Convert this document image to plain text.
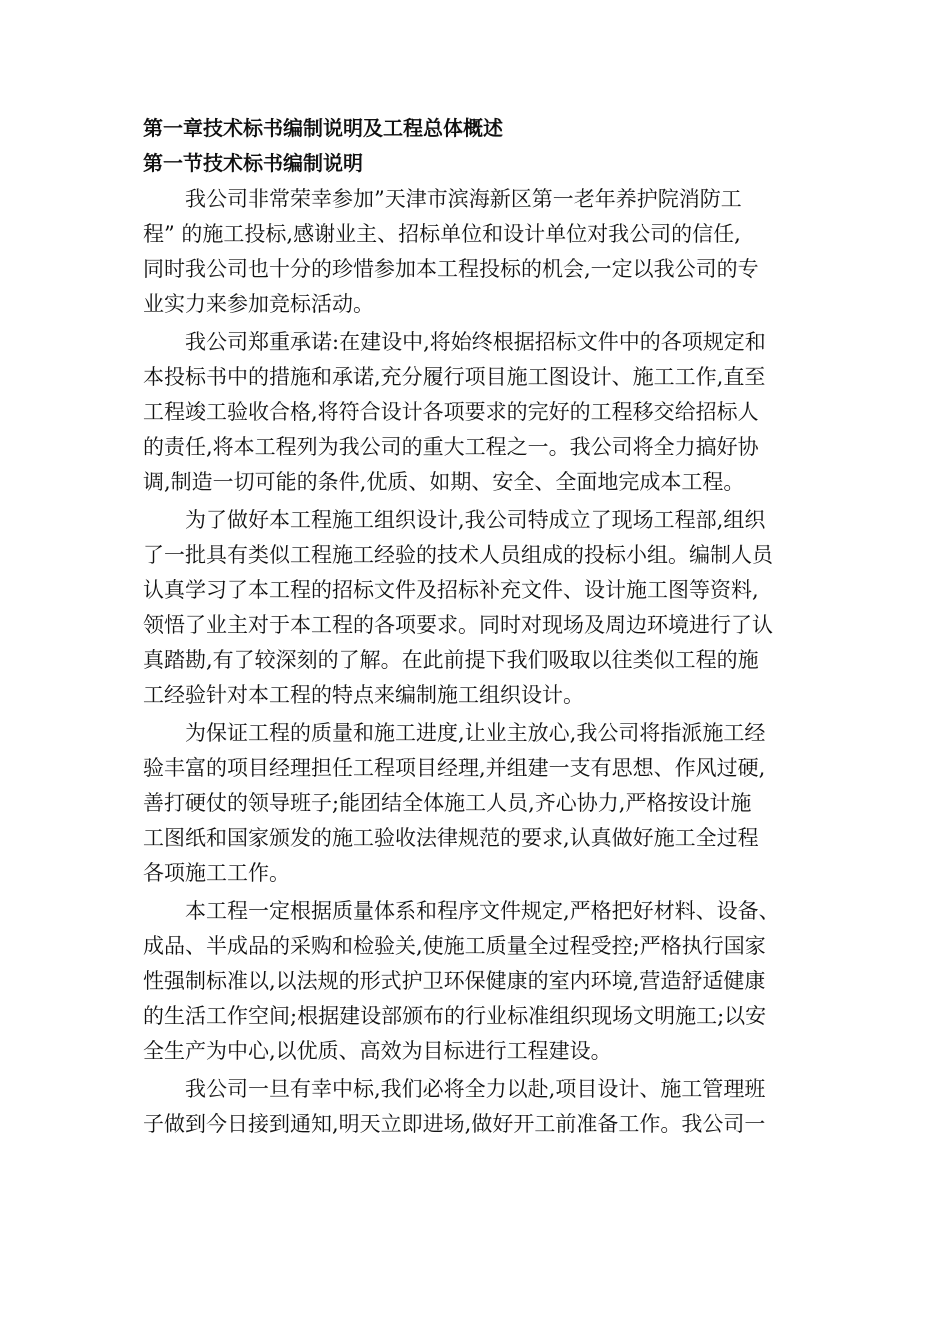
第一章技术标书编制说明及工程总体概述
第一节技术标书编制说明
我公司非常荣幸参加”天津市滨海新区第一老年养护院消防工
程” 的施工投标,感谢业主、招标单位和设计单位对我公司的信任,
同时我公司也十分的珍惜参加本工程投标的机会,一定以我公司的专
业实力来参加竞标活动。
我公司郑重承诺:在建设中,将始终根据招标文件中的各项规定和
本投标书中的措施和承诺,充分履行项目施工图设计、施工工作,直至
工程竣工验收合格,将符合设计各项要求的完好的工程移交给招标人
的责任,将本工程列为我公司的重大工程之一。我公司将全力搞好协
调,制造一切可能的条件,优质、如期、安全、全面地完成本工程。
为了做好本工程施工组织设计,我公司特成立了现场工程部,组织
了一批具有类似工程施工经验的技术人员组成的投标小组。编制人员
认真学习了本工程的招标文件及招标补充文件、设计施工图等资料,
领悟了业主对于本工程的各项要求。同时对现场及周边环境进行了认
真踏勘,有了较深刻的了解。在此前提下我们吸取以往类似工程的施
工经验针对本工程的特点来编制施工组织设计。
为保证工程的质量和施工进度,让业主放心,我公司将指派施工经
验丰富的项目经理担任工程项目经理,并组建一支有思想、作风过硬,
善打硬仗的领导班子;能团结全体施工人员,齐心协力,严格按设计施
工图纸和国家颁发的施工验收法律规范的要求,认真做好施工全过程
各项施工工作。
本工程一定根据质量体系和程序文件规定,严格把好材料、设备、
成品、半成品的采购和检验关,使施工质量全过程受控;严格执行国家
性强制标准以,以法规的形式护卫环保健康的室内环境,营造舒适健康
的生活工作空间;根据建设部颁布的行业标准组织现场文明施工;以安
全生产为中心,以优质、高效为目标进行工程建设。
我公司一旦有幸中标,我们必将全力以赴,项目设计、施工管理班
子做到今日接到通知,明天立即进场,做好开工前准备工作。我公司一
